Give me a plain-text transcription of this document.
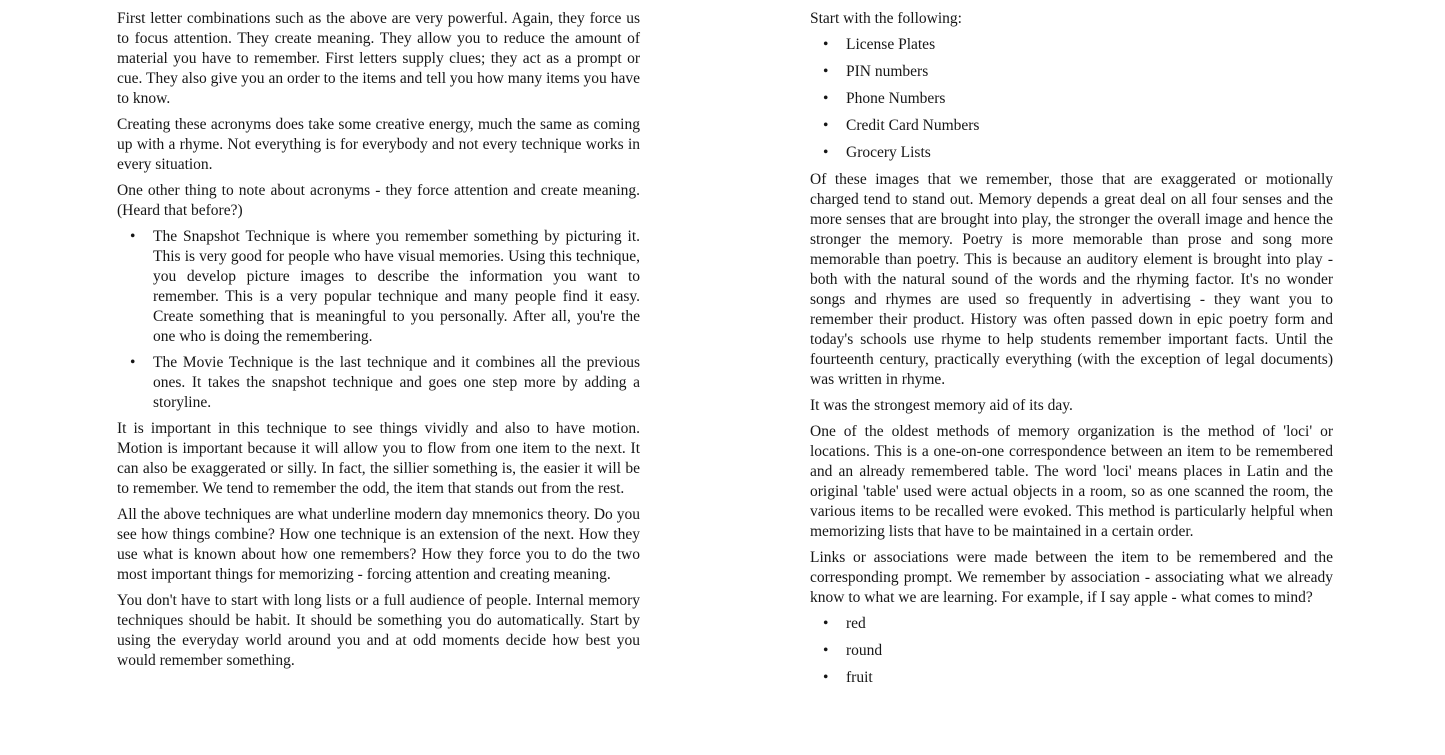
First letter combinations such as the above are very powerful. Again, they force us to focus attention. They create meaning. They allow you to reduce the amount of material you have to remember. First letters supply clues; they act as a prompt or cue. They also give you an order to the items and tell you how many items you have to know.

Creating these acronyms does take some creative energy, much the same as coming up with a rhyme. Not everything is for everybody and not every technique works in every situation.

One other thing to note about acronyms - they force attention and create meaning. (Heard that before?)

•	The Snapshot Technique is where you remember something by picturing it. This is very good for people who have visual memories. Using this technique, you develop picture images to describe the information you want to remember. This is a very popular technique and many people find it easy. Create something that is meaningful to you personally. After all, you're the one who is doing the remembering.
•	The Movie Technique is the last technique and it combines all the previous ones. It takes the snapshot technique and goes one step more by adding a storyline.

It is important in this technique to see things vividly and also to have motion. Motion is important because it will allow you to flow from one item to the next. It can also be exaggerated or silly. In fact, the sillier something is, the easier it will be to remember. We tend to remember the odd, the item that stands out from the rest.

All the above techniques are what underline modern day mnemonics theory. Do you see how things combine? How one technique is an extension of the next. How they use what is known about how one remembers? How they force you to do the two most important things for memorizing - forcing attention and creating meaning.

You don't have to start with long lists or a full audience of people. Internal memory techniques should be habit. It should be something you do automatically. Start by using the everyday world around you and at odd moments decide how best you would remember something.

Start with the following:

•	License Plates
•	PIN numbers
•	Phone Numbers
•	Credit Card Numbers
•	Grocery Lists

Of these images that we remember, those that are exaggerated or motionally charged tend to stand out. Memory depends a great deal on all four senses and the more senses that are brought into play, the stronger the overall image and hence the stronger the memory. Poetry is more memorable than prose and song more memorable than poetry. This is because an auditory element is brought into play - both with the natural sound of the words and the rhyming factor. It's no wonder songs and rhymes are used so frequently in advertising - they want you to remember their product. History was often passed down in epic poetry form and today's schools use rhyme to help students remember important facts. Until the fourteenth century, practically everything (with the exception of legal documents) was written in rhyme.

It was the strongest memory aid of its day.

One of the oldest methods of memory organization is the method of 'loci' or locations. This is a one-on-one correspondence between an item to be remembered and an already remembered table. The word 'loci' means places in Latin and the original 'table' used were actual objects in a room, so as one scanned the room, the various items to be recalled were evoked. This method is particularly helpful when memorizing lists that have to be maintained in a certain order.

Links or associations were made between the item to be remembered and the corresponding prompt. We remember by association - associating what we already know to what we are learning. For example, if I say apple - what comes to mind?

•	red
•	round
•	fruit
